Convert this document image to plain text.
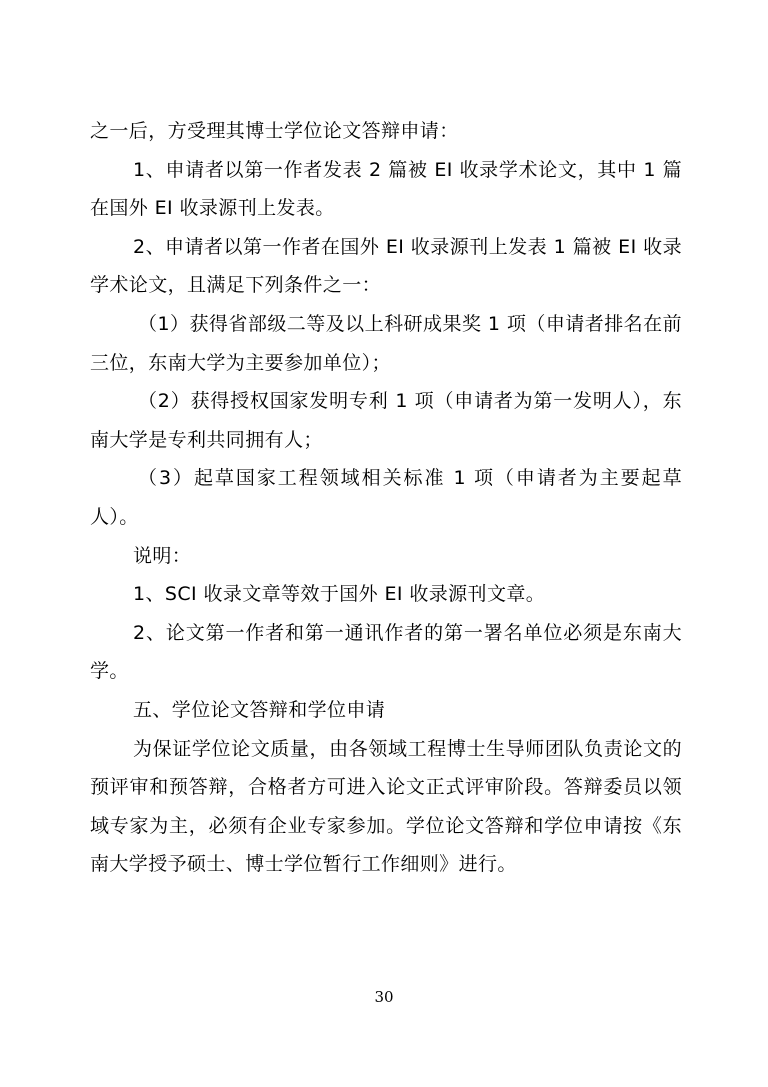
之一后，方受理其博士学位论文答辩申请：

1、申请者以第一作者发表 2 篇被 EI 收录学术论文，其中 1 篇在国外 EI 收录源刊上发表。

2、申请者以第一作者在国外 EI 收录源刊上发表 1 篇被 EI 收录学术论文，且满足下列条件之一：

（1）获得省部级二等及以上科研成果奖 1 项（申请者排名在前三位，东南大学为主要参加单位）；

（2）获得授权国家发明专利 1 项（申请者为第一发明人），东南大学是专利共同拥有人；

（3）起草国家工程领域相关标准 1 项（申请者为主要起草人）。

说明：

1、SCI 收录文章等效于国外 EI 收录源刊文章。

2、论文第一作者和第一通讯作者的第一署名单位必须是东南大学。

五、学位论文答辩和学位申请

为保证学位论文质量，由各领域工程博士生导师团队负责论文的预评审和预答辩，合格者方可进入论文正式评审阶段。答辩委员以领域专家为主，必须有企业专家参加。学位论文答辩和学位申请按《东南大学授予硕士、博士学位暂行工作细则》进行。

30
